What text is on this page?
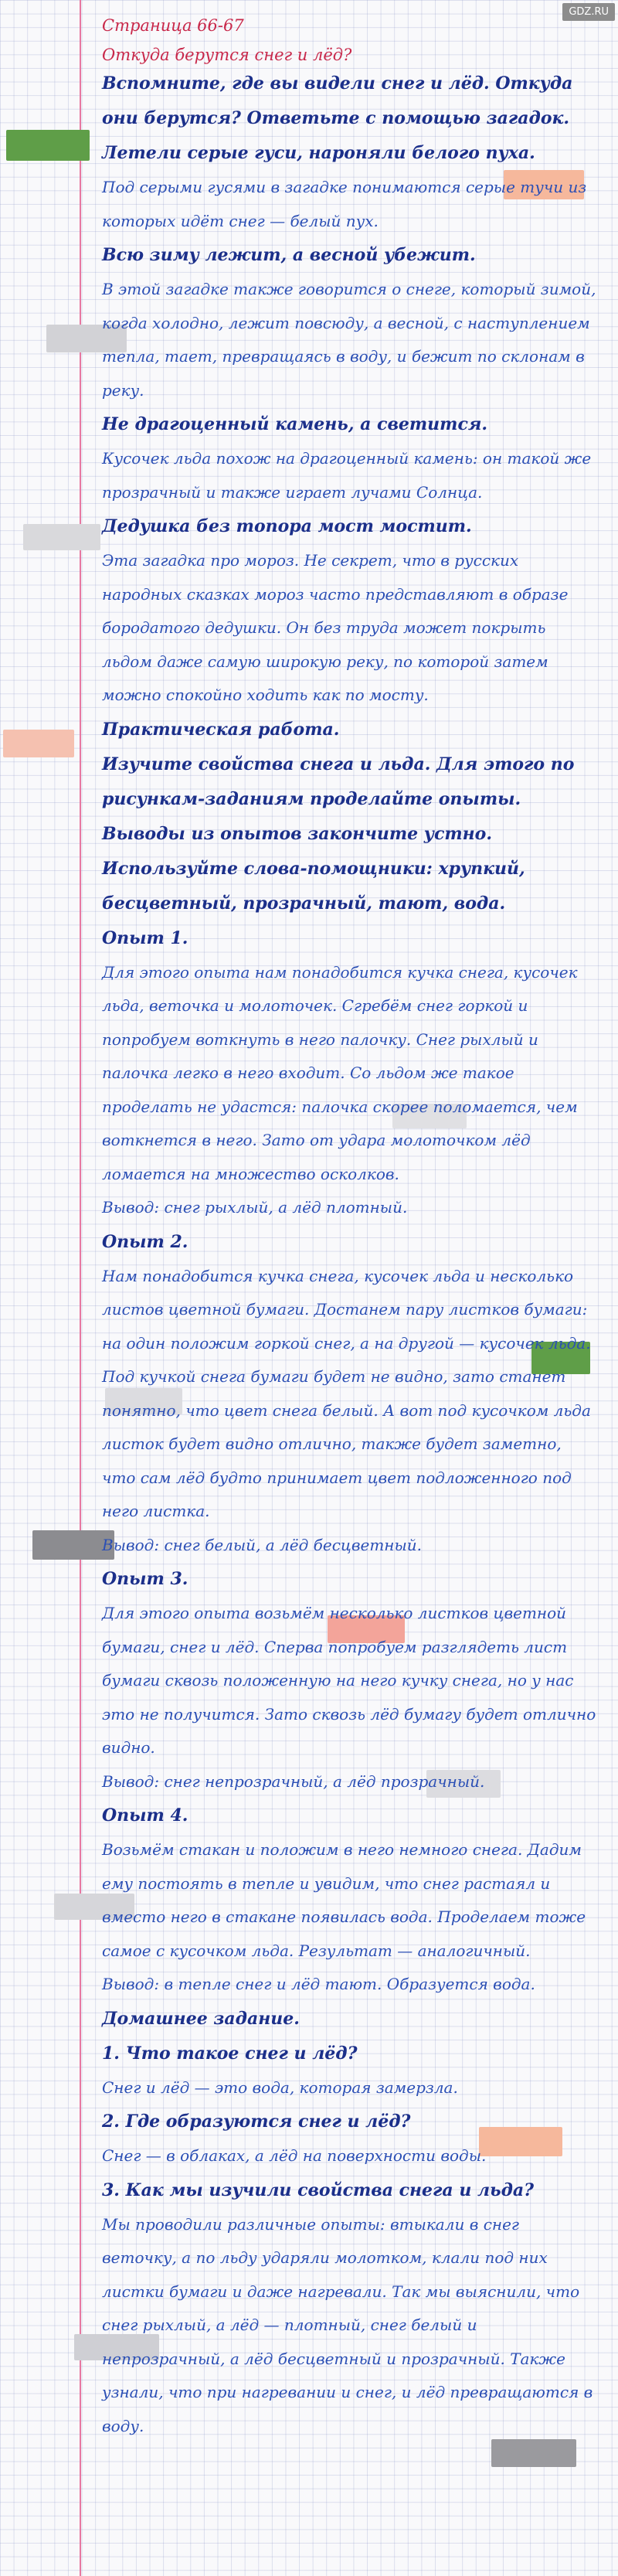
GDZ.RU

Страница 66-67

Откуда берутся снег и лёд?

Вспомните, где вы видели снег и лёд. Откуда они берутся? Ответьте с помощью загадок.

Летели серые гуси, нароняли белого пуха.

Под серыми гусями в загадке понимаются серые тучи из которых идёт снег — белый пух.

Всю зиму лежит, а весной убежит.

В этой загадке также говорится о снеге, который зимой, когда холодно, лежит повсюду, а весной, с наступлением тепла, тает, превращаясь в воду, и бежит по склонам в реку.

Не драгоценный камень, а светится.

Кусочек льда похож на драгоценный камень: он такой же прозрачный и также играет лучами Солнца.

Дедушка без топора мост мостит.

Эта загадка про мороз. Не секрет, что в русских народных сказках мороз часто представляют в образе бородатого дедушки. Он без труда может покрыть льдом даже самую широкую реку, по которой затем можно спокойно ходить как по мосту.

Практическая работа.

Изучите свойства снега и льда. Для этого по рисункам-заданиям проделайте опыты. Выводы из опытов закончите устно. Используйте слова-помощники: хрупкий, бесцветный, прозрачный, тают, вода.

Опыт 1.

Для этого опыта нам понадобится кучка снега, кусочек льда, веточка и молоточек. Сгребём снег горкой и попробуем воткнуть в него палочку. Снег рыхлый и палочка легко в него входит. Со льдом же такое проделать не удастся: палочка скорее поломается, чем воткнется в него. Зато от удара молоточком лёд ломается на множество осколков.

Вывод: снег рыхлый, а лёд плотный.

Опыт 2.

Нам понадобится кучка снега, кусочек льда и несколько листов цветной бумаги. Достанем пару листков бумаги: на один положим горкой снег, а на другой — кусочек льда. Под кучкой снега бумаги будет не видно, зато станет понятно, что цвет снега белый. А вот под кусочком льда листок будет видно отлично, также будет заметно, что сам лёд будто принимает цвет подложенного под него листка.

Вывод: снег белый, а лёд бесцветный.

Опыт 3.

Для этого опыта возьмём несколько листков цветной бумаги, снег и лёд. Сперва попробуем разглядеть лист бумаги сквозь положенную на него кучку снега, но у нас это не получится. Зато сквозь лёд бумагу будет отлично видно.

Вывод: снег непрозрачный, а лёд прозрачный.

Опыт 4.

Возьмём стакан и положим в него немного снега. Дадим ему постоять в тепле и увидим, что снег растаял и вместо него в стакане появилась вода. Проделаем тоже самое с кусочком льда. Результат — аналогичный.

Вывод: в тепле снег и лёд тают. Образуется вода.

Домашнее задание.

1. Что такое снег и лёд?

Снег и лёд — это вода, которая замерзла.

2. Где образуются снег и лёд?

Снег — в облаках, а лёд на поверхности воды.

3. Как мы изучили свойства снега и льда?

Мы проводили различные опыты: втыкали в снег веточку, а по льду ударяли молотком, клали под них листки бумаги и даже нагревали. Так мы выяснили, что снег рыхлый, а лёд — плотный, снег белый и непрозрачный, а лёд бесцветный и прозрачный. Также узнали, что при нагревании и снег, и лёд превращаются в воду.
